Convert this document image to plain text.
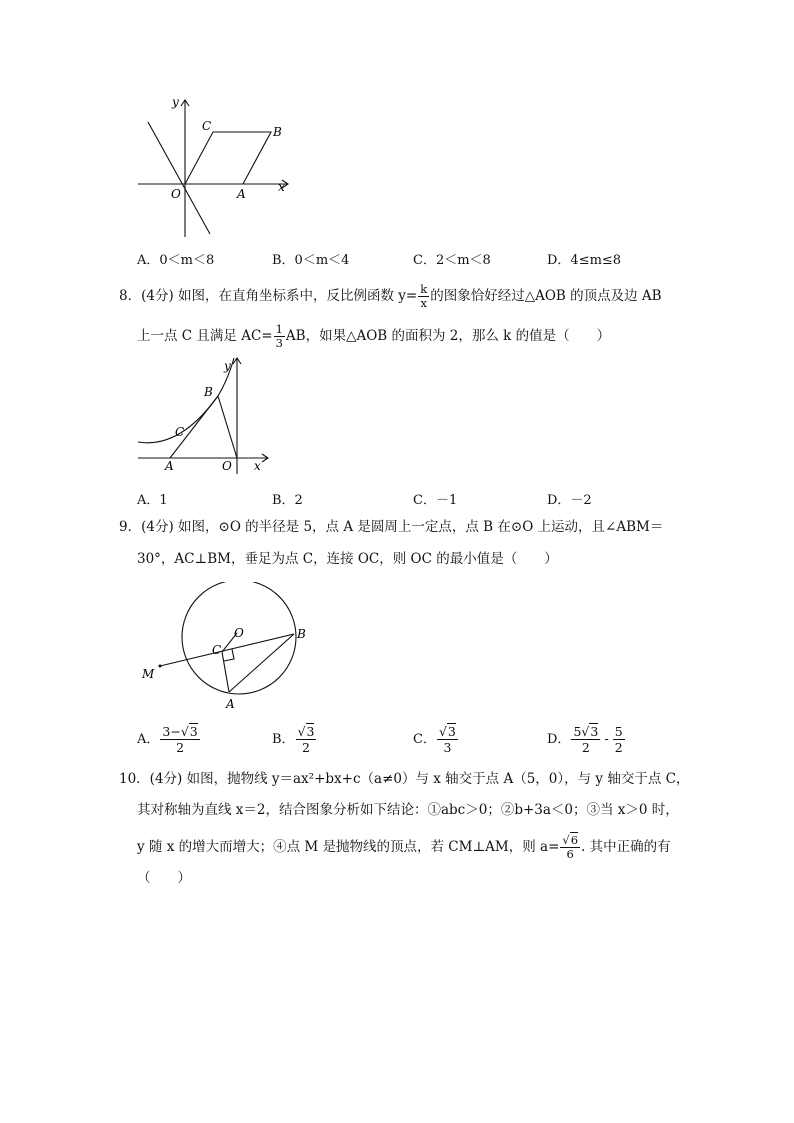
y
x
C	B
O	A
A．0＜m＜8	B．0＜m＜4	C．2＜m＜8	D．4≤m≤8
8．(4分) 如图，在直角坐标系中，反比例函数 $y= \frac{k}{x}$ 的图象恰好经过△AOB 的顶点及边 AB
上一点 C 且满足 $AC= \frac{1}{3}$ AB，如果△AOB 的面积为 2，那么 k 的值是（　　）
y
x
B
C
A	O
A．1	B．2	C．－1	D．－2
9．(4分) 如图，⊙O 的半径是 5，点 A 是圆周上一定点，点 B 在⊙O 上运动，且∠ABM＝
30°，AC⊥BM，垂足为点 C，连接 OC，则 OC 的最小值是（　　）
O	B
C
M
A
A． $\frac{3-√3}{2}$	B． $\frac{√3}{2}$	C． $\frac{√3}{3}$	D． $\frac{5√3}{2} - \frac{5}{2}$
10．(4分) 如图，抛物线 y＝ax²+bx+c（a≠0）与 x 轴交于点 A（5，0），与 y 轴交于点 C，
其对称轴为直线 x＝2，结合图象分析如下结论：①abc＞0；②b+3a＜0；③当 x＞0 时，
y 随 x 的增大而增大；④点 M 是抛物线的顶点，若 CM⊥AM，则 $a= \frac{√6}{6}$ . 其中正确的有
（　　）
